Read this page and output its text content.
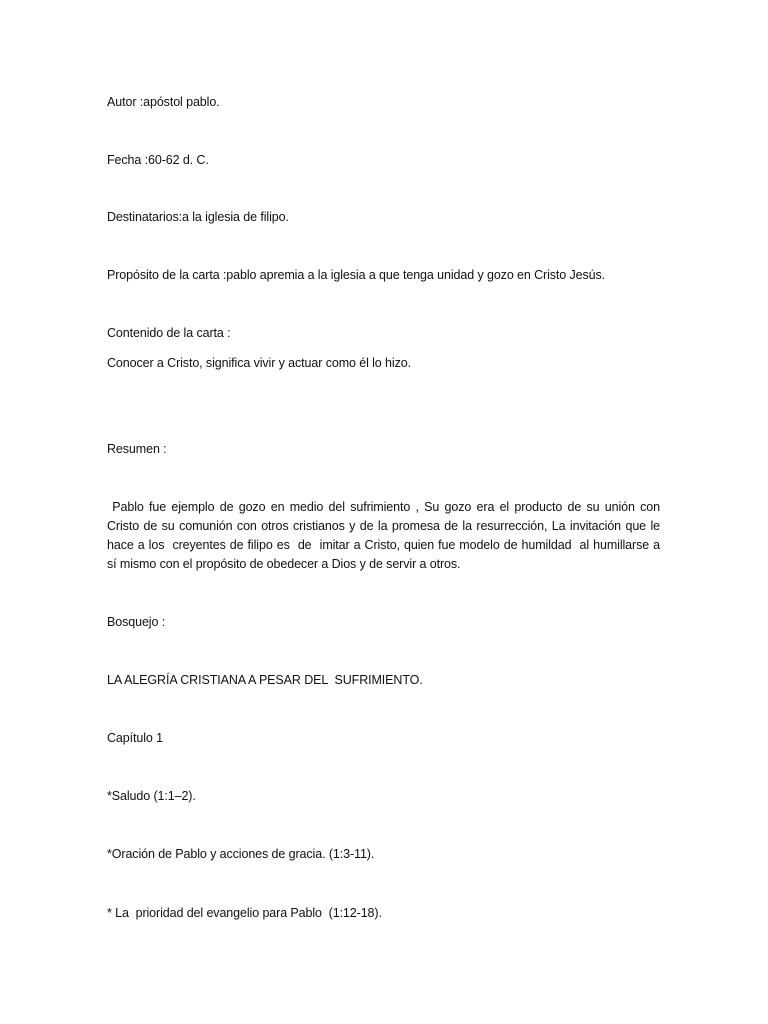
Autor :apóstol pablo.
Fecha :60-62 d. C.
Destinatarios:a la iglesia de filipo.
Propósito de la carta :pablo apremia a la iglesia a que tenga unidad y gozo en Cristo Jesús.
Contenido de la carta :
Conocer a Cristo, significa vivir y actuar como él lo hizo.
Resumen :
Pablo fue ejemplo de gozo en medio del sufrimiento , Su gozo era el producto de su unión con
Cristo de su comunión con otros cristianos y de la promesa de la resurrección, La invitación que le
hace a los  creyentes de filipo es  de  imitar a Cristo, quien fue modelo de humildad  al humillarse a
sí mismo con el propósito de obedecer a Dios y de servir a otros.
Bosquejo :
LA ALEGRÍA CRISTIANA A PESAR DEL  SUFRIMIENTO.
Capítulo 1
*Saludo (1:1–2).
*Oración de Pablo y acciones de gracia. (1:3-11).
* La  prioridad del evangelio para Pablo  (1:12-18).
